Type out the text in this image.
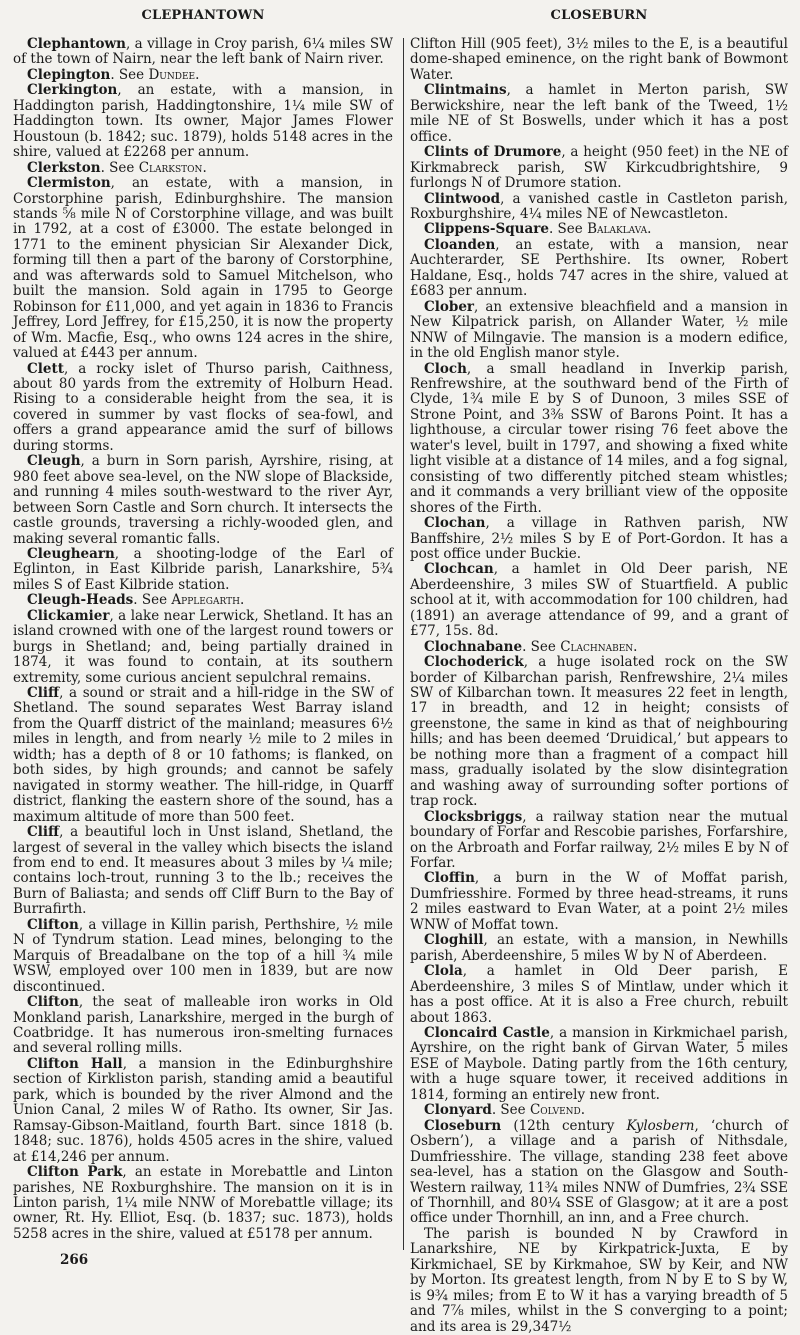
CLEPHANTOWN	CLOSEBURN

Clephantown, a village in Croy parish, 6¼ miles SW of the town of Nairn, near the left bank of Nairn river.

Clepington. See Dundee.

Clerkington, an estate, with a mansion, in Haddington parish, Haddingtonshire, 1¼ mile SW of Haddington town. Its owner, Major James Flower Houstoun (b. 1842; suc. 1879), holds 5148 acres in the shire, valued at £2268 per annum.

Clerkston. See Clarkston.

Clermiston, an estate, with a mansion, in Corstorphine parish, Edinburghshire. The mansion stands ⅝ mile N of Corstorphine village, and was built in 1792, at a cost of £3000. The estate belonged in 1771 to the eminent physician Sir Alexander Dick, forming till then a part of the barony of Corstorphine, and was afterwards sold to Samuel Mitchelson, who built the mansion. Sold again in 1795 to George Robinson for £11,000, and yet again in 1836 to Francis Jeffrey, Lord Jeffrey, for £15,250, it is now the property of Wm. Macfie, Esq., who owns 124 acres in the shire, valued at £443 per annum.

Clett, a rocky islet of Thurso parish, Caithness, about 80 yards from the extremity of Holburn Head. Rising to a considerable height from the sea, it is covered in summer by vast flocks of sea-fowl, and offers a grand appearance amid the surf of billows during storms.

Cleugh, a burn in Sorn parish, Ayrshire, rising, at 980 feet above sea-level, on the NW slope of Blackside, and running 4 miles south-westward to the river Ayr, between Sorn Castle and Sorn church. It intersects the castle grounds, traversing a richly-wooded glen, and making several romantic falls.

Cleughearn, a shooting-lodge of the Earl of Eglinton, in East Kilbride parish, Lanarkshire, 5¾ miles S of East Kilbride station.

Cleugh-Heads. See Applegarth.

Clickamier, a lake near Lerwick, Shetland. It has an island crowned with one of the largest round towers or burgs in Shetland; and, being partially drained in 1874, it was found to contain, at its southern extremity, some curious ancient sepulchral remains.

Cliff, a sound or strait and a hill-ridge in the SW of Shetland. The sound separates West Barray island from the Quarff district of the mainland; measures 6½ miles in length, and from nearly ½ mile to 2 miles in width; has a depth of 8 or 10 fathoms; is flanked, on both sides, by high grounds; and cannot be safely navigated in stormy weather. The hill-ridge, in Quarff district, flanking the eastern shore of the sound, has a maximum altitude of more than 500 feet.

Cliff, a beautiful loch in Unst island, Shetland, the largest of several in the valley which bisects the island from end to end. It measures about 3 miles by ¼ mile; contains loch-trout, running 3 to the lb.; receives the Burn of Baliasta; and sends off Cliff Burn to the Bay of Burrafirth.

Clifton, a village in Killin parish, Perthshire, ½ mile N of Tyndrum station. Lead mines, belonging to the Marquis of Breadalbane on the top of a hill ¾ mile WSW, employed over 100 men in 1839, but are now discontinued.

Clifton, the seat of malleable iron works in Old Monkland parish, Lanarkshire, merged in the burgh of Coatbridge. It has numerous iron-smelting furnaces and several rolling mills.

Clifton Hall, a mansion in the Edinburghshire section of Kirkliston parish, standing amid a beautiful park, which is bounded by the river Almond and the Union Canal, 2 miles W of Ratho. Its owner, Sir Jas. Ramsay-Gibson-Maitland, fourth Bart. since 1818 (b. 1848; suc. 1876), holds 4505 acres in the shire, valued at £14,246 per annum.

Clifton Park, an estate in Morebattle and Linton parishes, NE Roxburghshire. The mansion on it is in Linton parish, 1¼ mile NNW of Morebattle village; its owner, Rt. Hy. Elliot, Esq. (b. 1837; suc. 1873), holds 5258 acres in the shire, valued at £5178 per annum.

Clifton Hill (905 feet), 3½ miles to the E, is a beautiful dome-shaped eminence, on the right bank of Bowmont Water.

Clintmains, a hamlet in Merton parish, SW Berwickshire, near the left bank of the Tweed, 1½ mile NE of St Boswells, under which it has a post office.

Clints of Drumore, a height (950 feet) in the NE of Kirkmabreck parish, SW Kirkcudbrightshire, 9 furlongs N of Drumore station.

Clintwood, a vanished castle in Castleton parish, Roxburghshire, 4¼ miles NE of Newcastleton.

Clippens-Square. See Balaklava.

Cloanden, an estate, with a mansion, near Auchterarder, SE Perthshire. Its owner, Robert Haldane, Esq., holds 747 acres in the shire, valued at £683 per annum.

Clober, an extensive bleachfield and a mansion in New Kilpatrick parish, on Allander Water, ½ mile NNW of Milngavie. The mansion is a modern edifice, in the old English manor style.

Cloch, a small headland in Inverkip parish, Renfrewshire, at the southward bend of the Firth of Clyde, 1¾ mile E by S of Dunoon, 3 miles SSE of Strone Point, and 3⅜ SSW of Barons Point. It has a lighthouse, a circular tower rising 76 feet above the water's level, built in 1797, and showing a fixed white light visible at a distance of 14 miles, and a fog signal, consisting of two differently pitched steam whistles; and it commands a very brilliant view of the opposite shores of the Firth.

Clochan, a village in Rathven parish, NW Banffshire, 2½ miles S by E of Port-Gordon. It has a post office under Buckie.

Clochcan, a hamlet in Old Deer parish, NE Aberdeenshire, 3 miles SW of Stuartfield. A public school at it, with accommodation for 100 children, had (1891) an average attendance of 99, and a grant of £77, 15s. 8d.

Clochnabane. See Clachnaben.

Clochoderick, a huge isolated rock on the SW border of Kilbarchan parish, Renfrewshire, 2¼ miles SW of Kilbarchan town. It measures 22 feet in length, 17 in breadth, and 12 in height; consists of greenstone, the same in kind as that of neighbouring hills; and has been deemed ‘Druidical,’ but appears to be nothing more than a fragment of a compact hill mass, gradually isolated by the slow disintegration and washing away of surrounding softer portions of trap rock.

Clocksbriggs, a railway station near the mutual boundary of Forfar and Rescobie parishes, Forfarshire, on the Arbroath and Forfar railway, 2½ miles E by N of Forfar.

Cloffin, a burn in the W of Moffat parish, Dumfriesshire. Formed by three head-streams, it runs 2 miles eastward to Evan Water, at a point 2½ miles WNW of Moffat town.

Cloghill, an estate, with a mansion, in Newhills parish, Aberdeenshire, 5 miles W by N of Aberdeen.

Clola, a hamlet in Old Deer parish, E Aberdeenshire, 3 miles S of Mintlaw, under which it has a post office. At it is also a Free church, rebuilt about 1863.

Cloncaird Castle, a mansion in Kirkmichael parish, Ayrshire, on the right bank of Girvan Water, 5 miles ESE of Maybole. Dating partly from the 16th century, with a huge square tower, it received additions in 1814, forming an entirely new front.

Clonyard. See Colvend.

Closeburn (12th century Kylosbern, ‘church of Osbern’), a village and a parish of Nithsdale, Dumfriesshire. The village, standing 238 feet above sea-level, has a station on the Glasgow and South-Western railway, 11¾ miles NNW of Dumfries, 2¾ SSE of Thornhill, and 80¼ SSE of Glasgow; at it are a post office under Thornhill, an inn, and a Free church.

The parish is bounded N by Crawford in Lanarkshire, NE by Kirkpatrick-Juxta, E by Kirkmichael, SE by Kirkmahoe, SW by Keir, and NW by Morton. Its greatest length, from N by E to S by W, is 9¾ miles; from E to W it has a varying breadth of 5 and 7⅞ miles, whilst in the S converging to a point; and its area is 29,347½

266
